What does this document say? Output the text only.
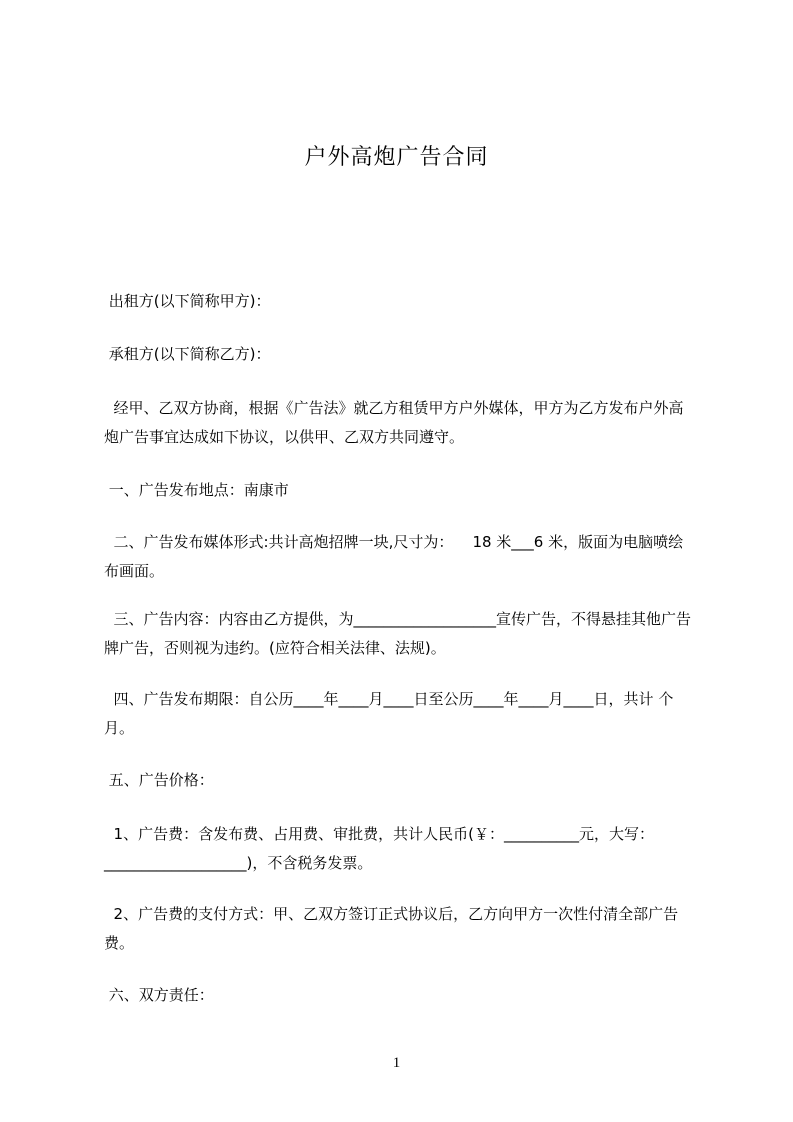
户外高炮广告合同
出租方(以下简称甲方)：
承租方(以下简称乙方)：
经甲、乙双方协商，根据《广告法》就乙方租赁甲方户外媒体，甲方为乙方发布户外高炮广告事宜达成如下协议，以供甲、乙双方共同遵守。
一、广告发布地点：南康市
二、广告发布媒体形式:共计高炮招牌一块,尺寸为：    18 米___6 米，版面为电脑喷绘布画面。
三、广告内容：内容由乙方提供，为___________________宣传广告，不得悬挂其他广告牌广告，否则视为违约。(应符合相关法律、法规)。
四、广告发布期限：自公历____年____月____日至公历____年____月____日，共计 个月。
五、广告价格：
1、广告费：含发布费、占用费、审批费，共计人民币(￥：__________元，大写：___________________)，不含税务发票。
2、广告费的支付方式：甲、乙双方签订正式协议后，乙方向甲方一次性付清全部广告费。
六、双方责任：
1
